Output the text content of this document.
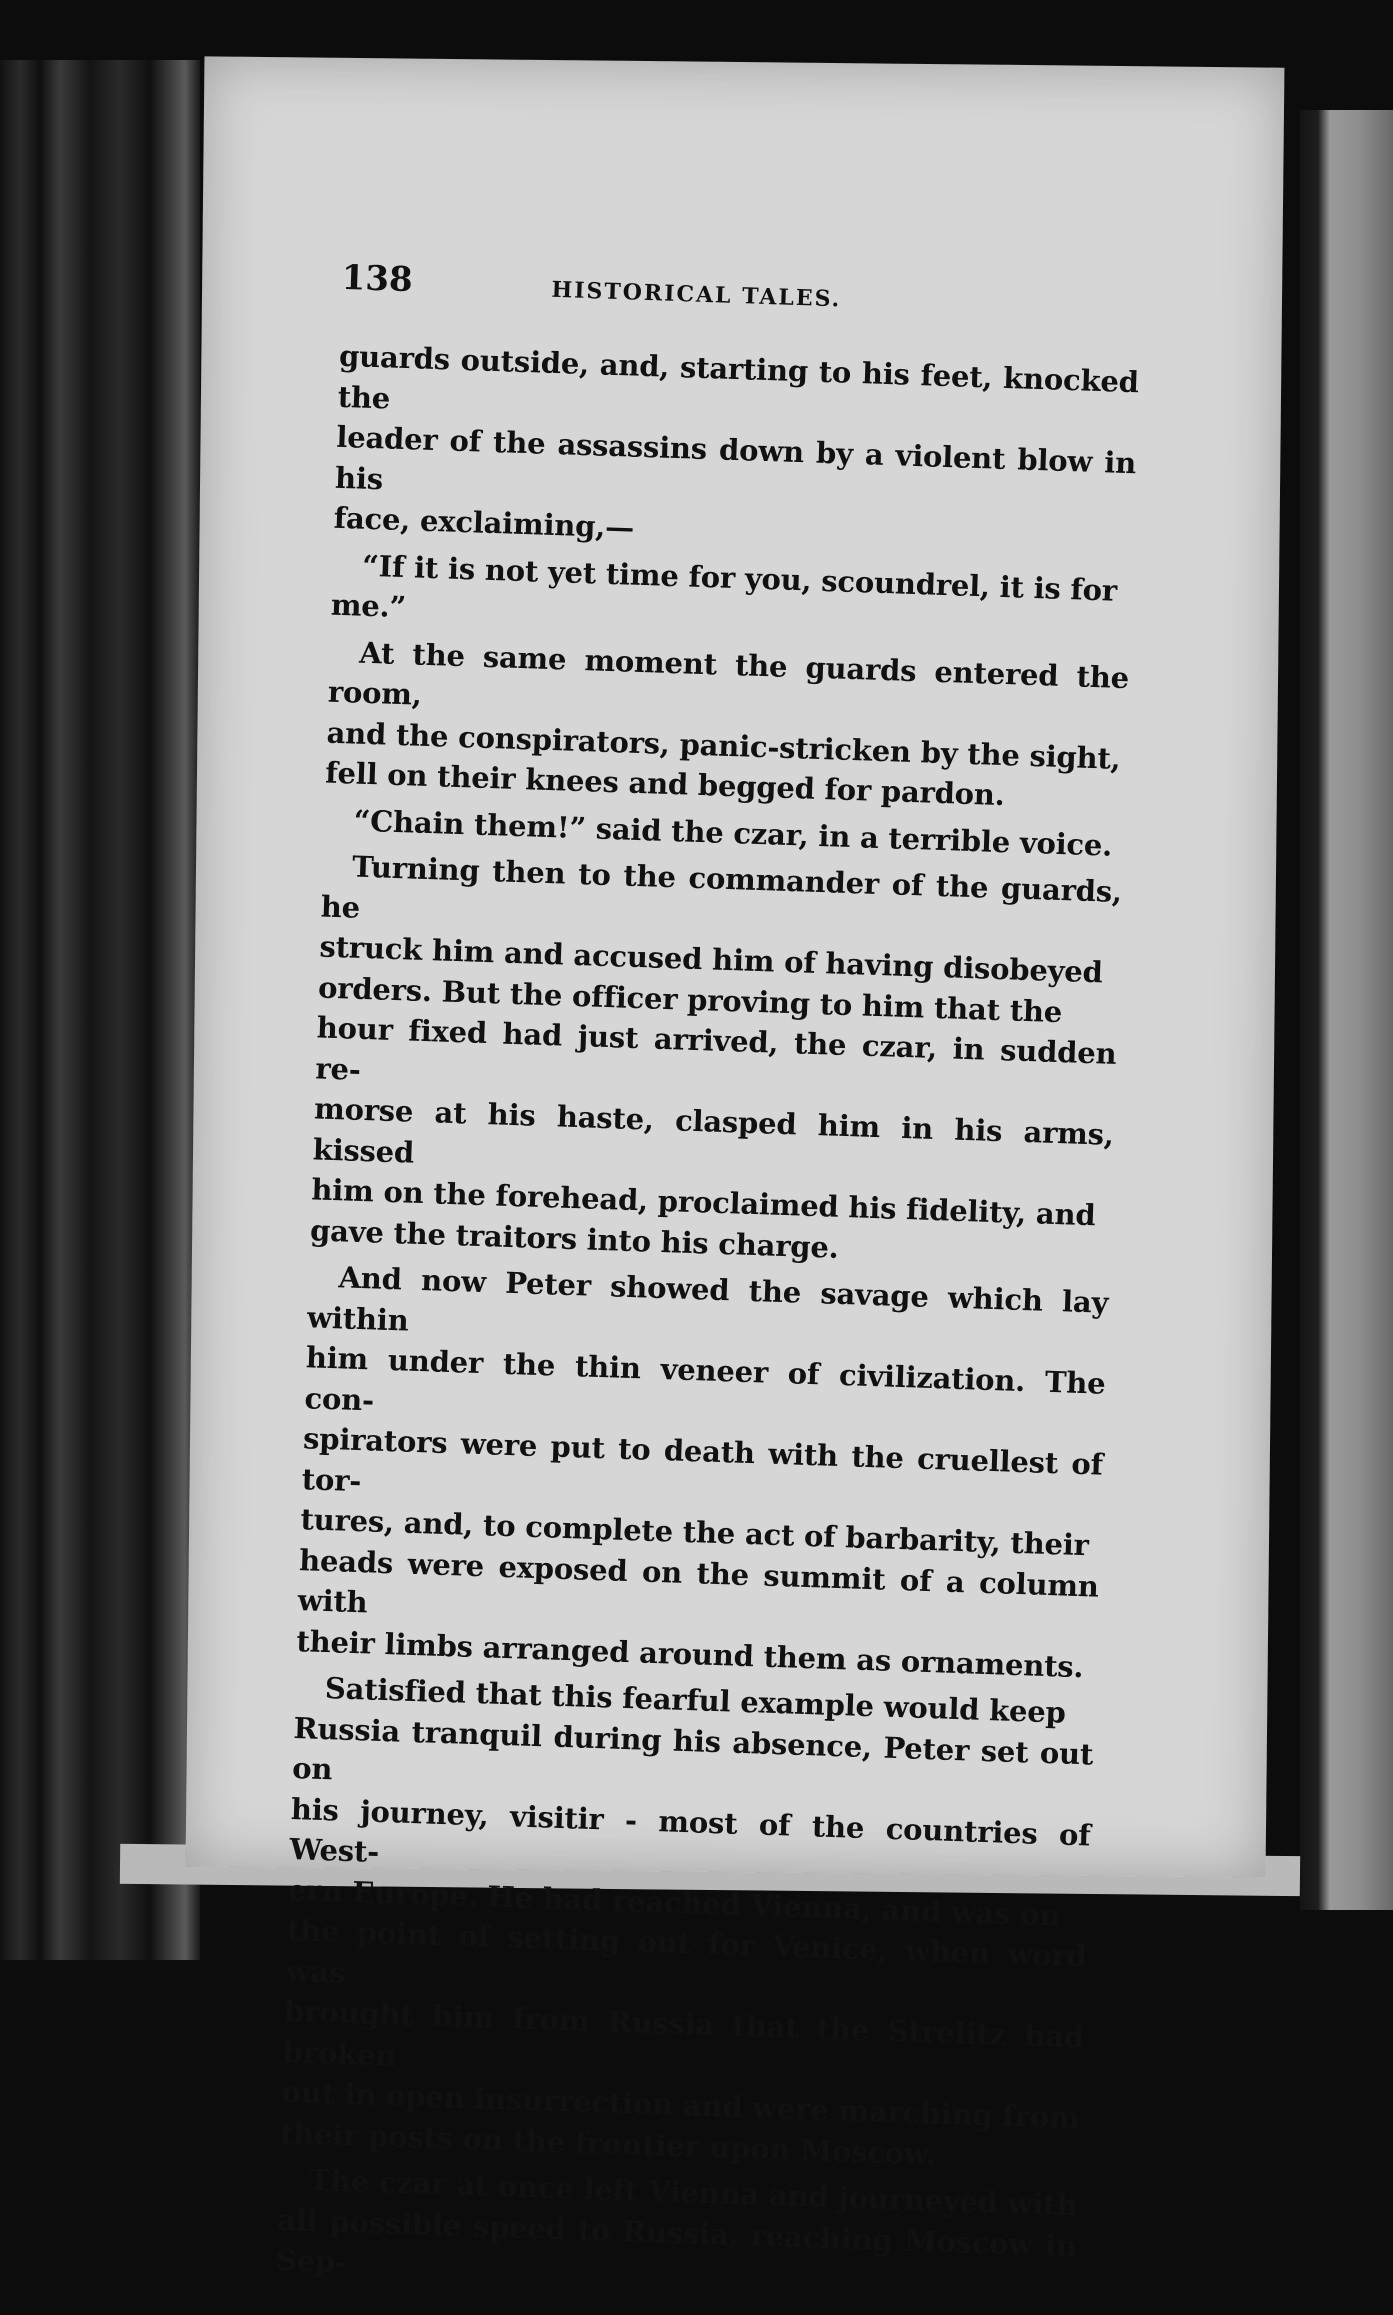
138	HISTORICAL TALES.

guards outside, and, starting to his feet, knocked the
leader of the assassins down by a violent blow in his
face, exclaiming,—

“If it is not yet time for you, scoundrel, it is for
me.”

At the same moment the guards entered the room,
and the conspirators, panic-stricken by the sight,
fell on their knees and begged for pardon.

“Chain them!” said the czar, in a terrible voice.

Turning then to the commander of the guards, he
struck him and accused him of having disobeyed
orders. But the officer proving to him that the
hour fixed had just arrived, the czar, in sudden re-
morse at his haste, clasped him in his arms, kissed
him on the forehead, proclaimed his fidelity, and
gave the traitors into his charge.

And now Peter showed the savage which lay within
him under the thin veneer of civilization. The con-
spirators were put to death with the cruellest of tor-
tures, and, to complete the act of barbarity, their
heads were exposed on the summit of a column with
their limbs arranged around them as ornaments.

Satisfied that this fearful example would keep
Russia tranquil during his absence, Peter set out on
his journey, visitir - most of the countries of West-
ern Europe. He had reached Vienna, and was on
the point of setting out for Venice, when word was
brought him from Russia that the Strelitz had broken
out in open insurrection and were marching from
their posts on the frontier upon Moscow.

The czar at once left Vienna and journeyed with
all possible speed to Russia, reaching Moscow in Sep-
